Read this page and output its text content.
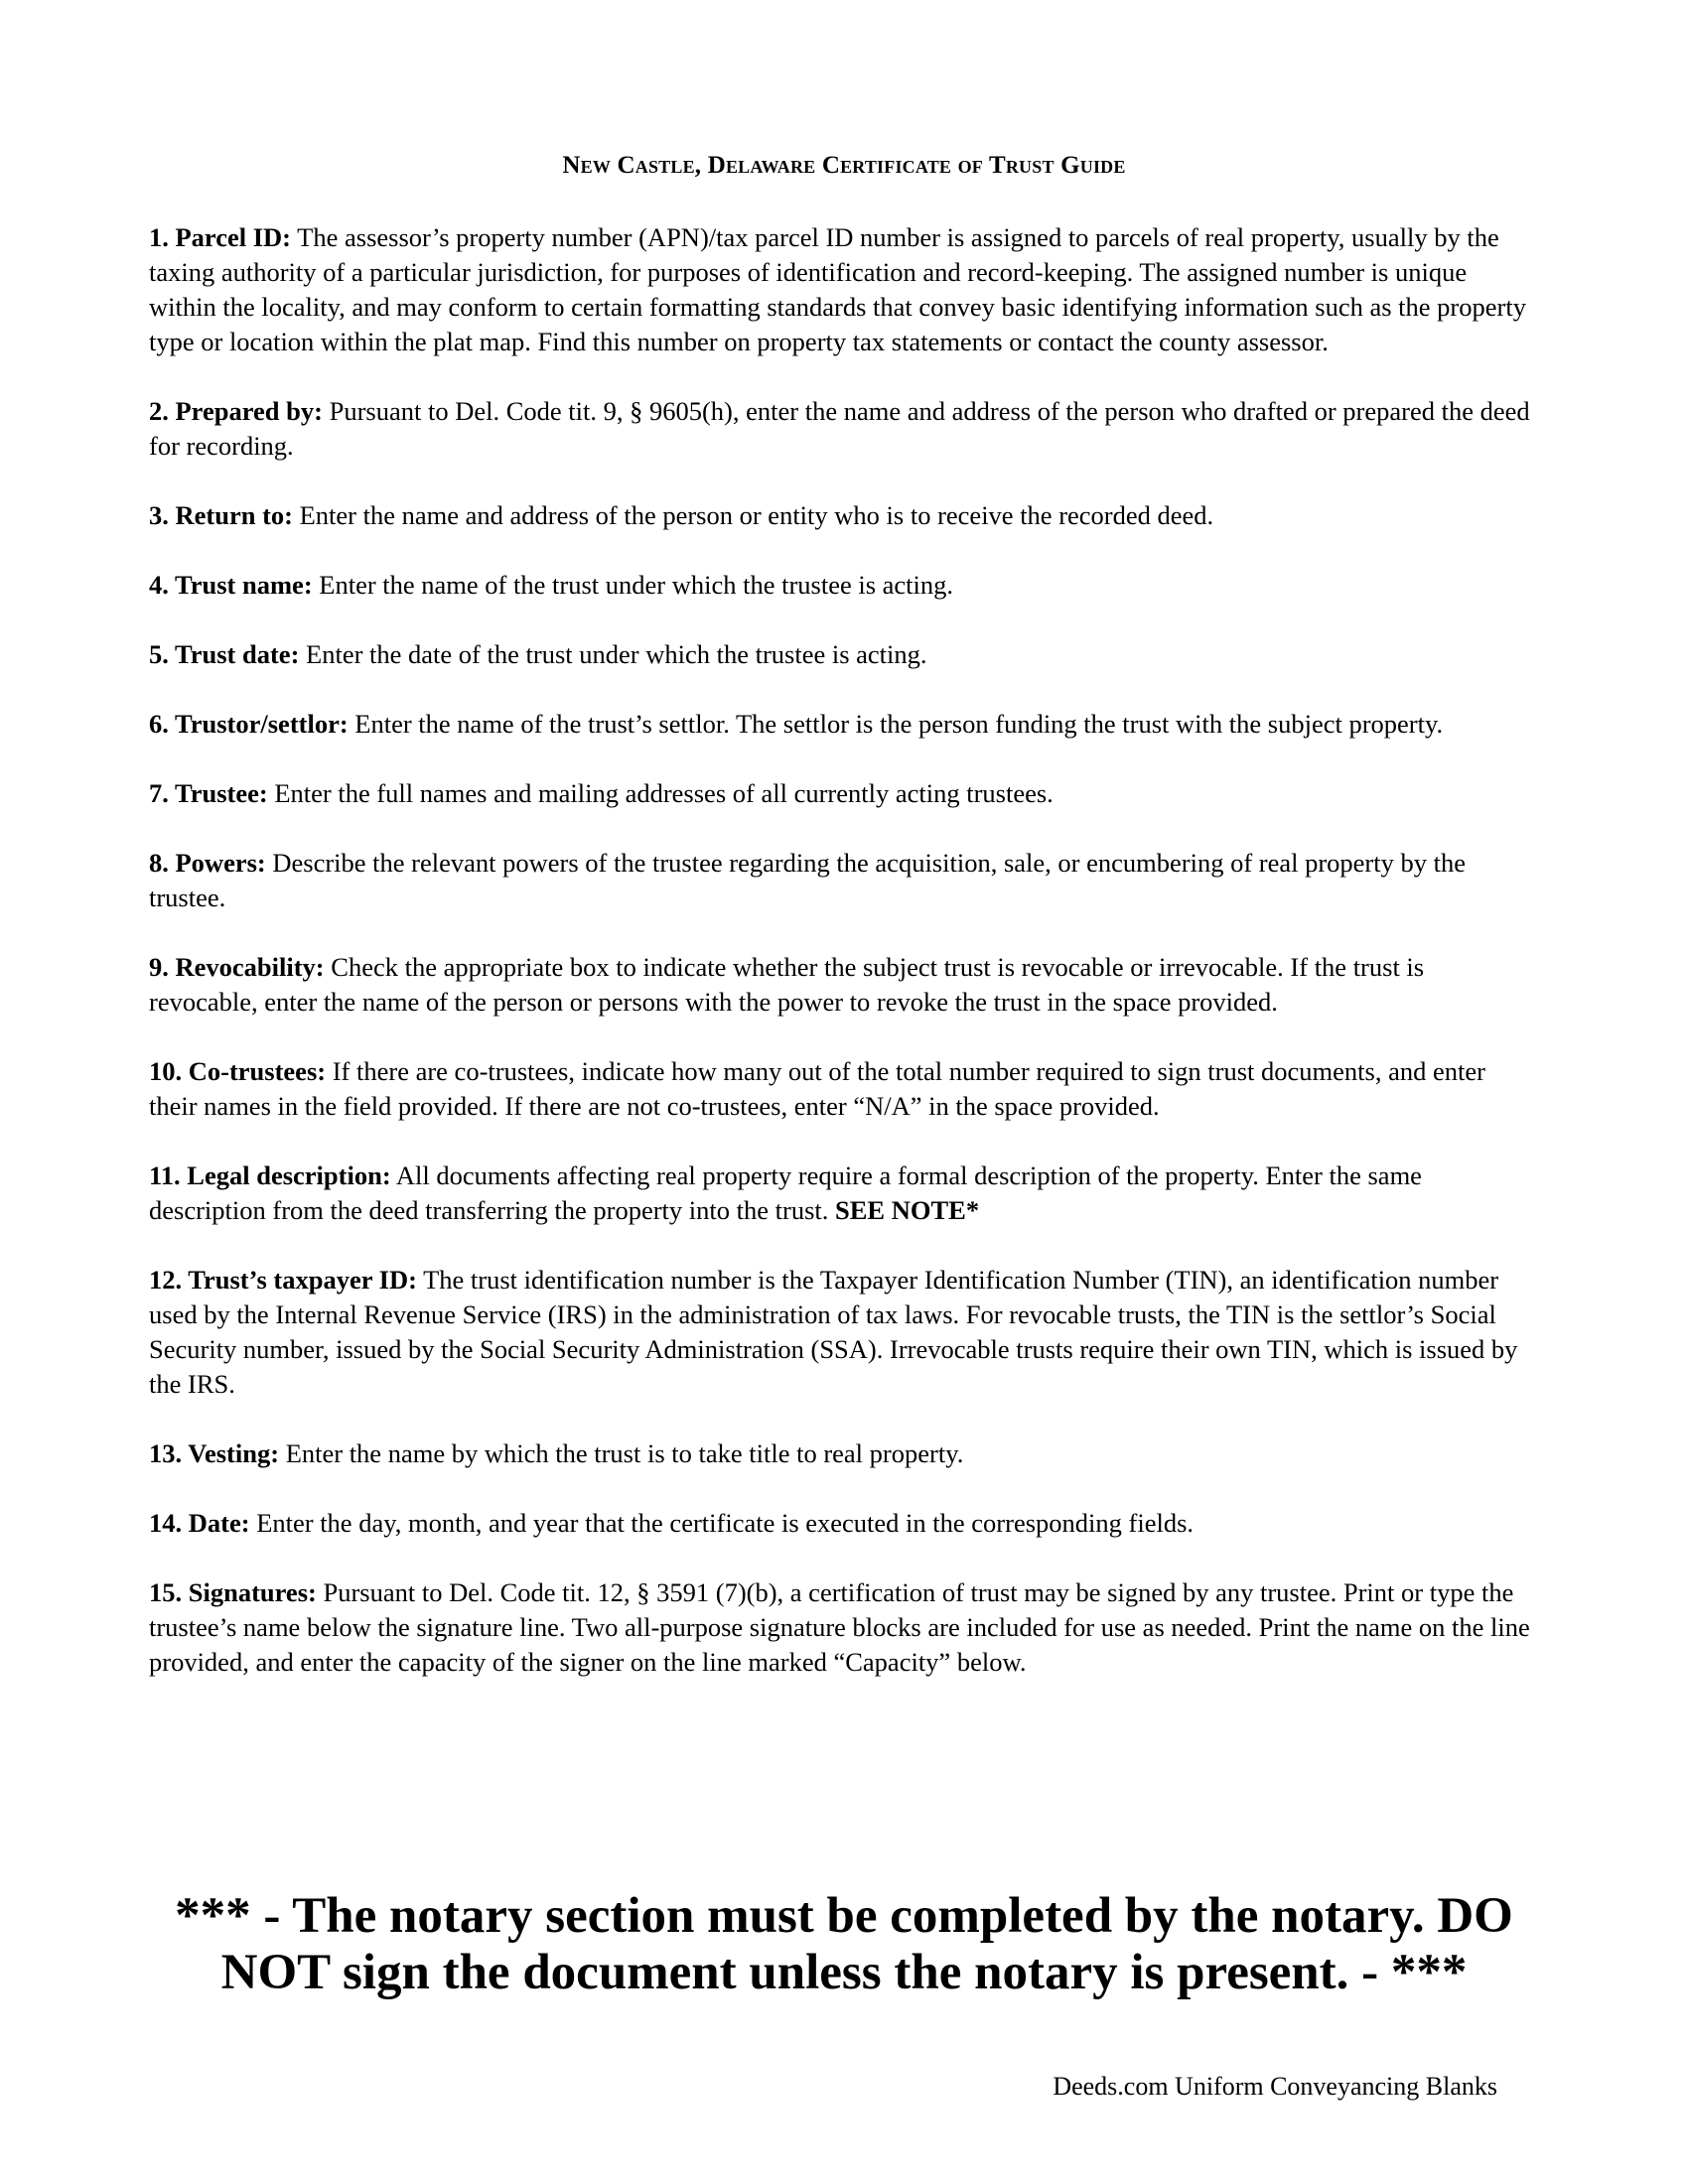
New Castle, Delaware Certificate of Trust Guide

1. Parcel ID: The assessor’s property number (APN)/tax parcel ID number is assigned to parcels of real property, usually by the taxing authority of a particular jurisdiction, for purposes of identification and record-keeping. The assigned number is unique within the locality, and may conform to certain formatting standards that convey basic identifying information such as the property type or location within the plat map. Find this number on property tax statements or contact the county assessor.

2. Prepared by: Pursuant to Del. Code tit. 9, § 9605(h), enter the name and address of the person who drafted or prepared the deed for recording.

3. Return to: Enter the name and address of the person or entity who is to receive the recorded deed.

4. Trust name: Enter the name of the trust under which the trustee is acting.

5. Trust date: Enter the date of the trust under which the trustee is acting.

6. Trustor/settlor: Enter the name of the trust’s settlor. The settlor is the person funding the trust with the subject property.

7. Trustee: Enter the full names and mailing addresses of all currently acting trustees.

8. Powers: Describe the relevant powers of the trustee regarding the acquisition, sale, or encumbering of real property by the trustee.

9. Revocability: Check the appropriate box to indicate whether the subject trust is revocable or irrevocable. If the trust is revocable, enter the name of the person or persons with the power to revoke the trust in the space provided.

10. Co-trustees: If there are co-trustees, indicate how many out of the total number required to sign trust documents, and enter their names in the field provided. If there are not co-trustees, enter “N/A” in the space provided.

11. Legal description: All documents affecting real property require a formal description of the property. Enter the same description from the deed transferring the property into the trust. SEE NOTE*

12. Trust’s taxpayer ID: The trust identification number is the Taxpayer Identification Number (TIN), an identification number used by the Internal Revenue Service (IRS) in the administration of tax laws. For revocable trusts, the TIN is the settlor’s Social Security number, issued by the Social Security Administration (SSA). Irrevocable trusts require their own TIN, which is issued by the IRS.

13. Vesting: Enter the name by which the trust is to take title to real property.

14. Date: Enter the day, month, and year that the certificate is executed in the corresponding fields.

15. Signatures: Pursuant to Del. Code tit. 12, § 3591 (7)(b), a certification of trust may be signed by any trustee. Print or type the trustee’s name below the signature line. Two all-purpose signature blocks are included for use as needed. Print the name on the line provided, and enter the capacity of the signer on the line marked “Capacity” below.

*** - The notary section must be completed by the notary. DO NOT sign the document unless the notary is present. - ***
Deeds.com Uniform Conveyancing Blanks
